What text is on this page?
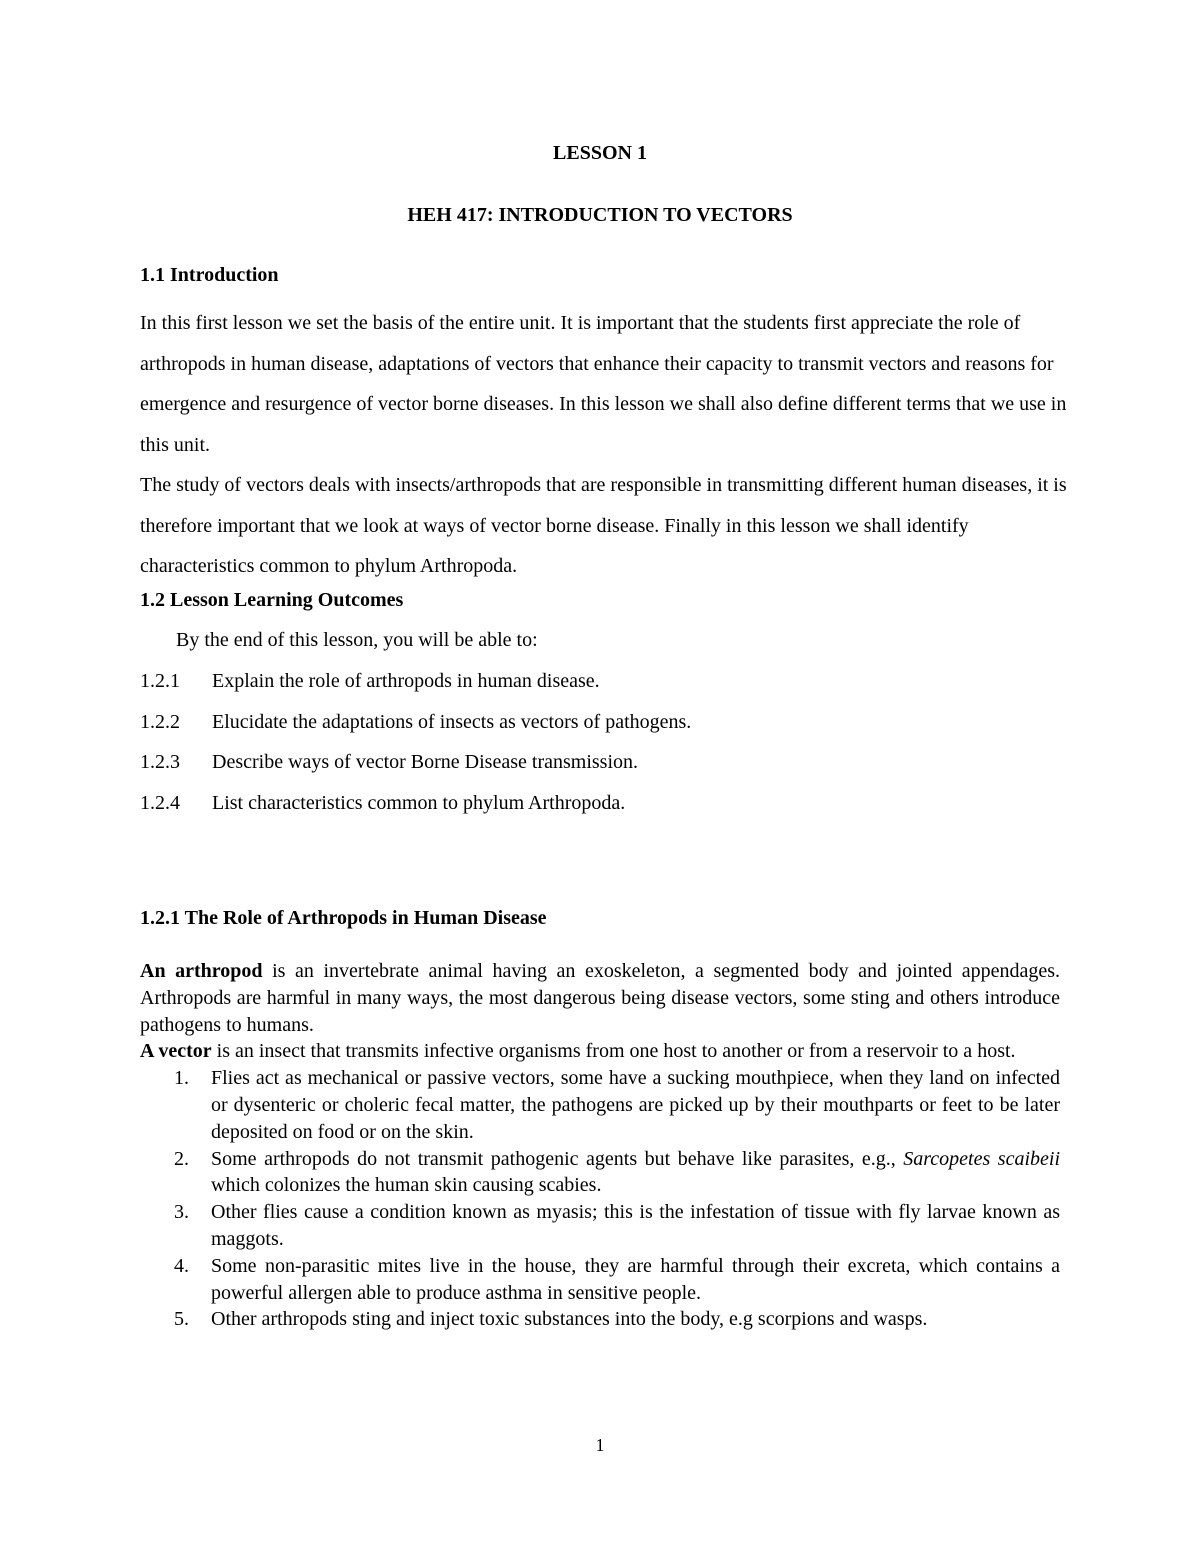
LESSON 1
HEH 417: INTRODUCTION TO VECTORS
1.1 Introduction

In this first lesson we set the basis of the entire unit. It is important that the students first appreciate the role of arthropods in human disease, adaptations of vectors that enhance their capacity to transmit vectors and reasons for emergence and resurgence of vector borne diseases. In this lesson we shall also define different terms that we use in this unit.

The study of vectors deals with insects/arthropods that are responsible in transmitting different human diseases, it is therefore important that we look at ways of vector borne disease. Finally in this lesson we shall identify characteristics common to phylum Arthropoda.

1.2 Lesson Learning Outcomes
By the end of this lesson, you will be able to:
1.2.1 Explain the role of arthropods in human disease.
1.2.2 Elucidate the adaptations of insects as vectors of pathogens.
1.2.3 Describe ways of vector Borne Disease transmission.
1.2.4 List characteristics common to phylum Arthropoda.
1.2.1 The Role of Arthropods in Human Disease

An arthropod is an invertebrate animal having an exoskeleton, a segmented body and jointed appendages. Arthropods are harmful in many ways, the most dangerous being disease vectors, some sting and others introduce pathogens to humans.

A vector is an insect that transmits infective organisms from one host to another or from a reservoir to a host.

1. Flies act as mechanical or passive vectors, some have a sucking mouthpiece, when they land on infected or dysenteric or choleric fecal matter, the pathogens are picked up by their mouthparts or feet to be later deposited on food or on the skin.
2. Some arthropods do not transmit pathogenic agents but behave like parasites, e.g., Sarcopetes scaibeii which colonizes the human skin causing scabies.
3. Other flies cause a condition known as myasis; this is the infestation of tissue with fly larvae known as maggots.
4. Some non-parasitic mites live in the house, they are harmful through their excreta, which contains a powerful allergen able to produce asthma in sensitive people.
5. Other arthropods sting and inject toxic substances into the body, e.g scorpions and wasps.
1
